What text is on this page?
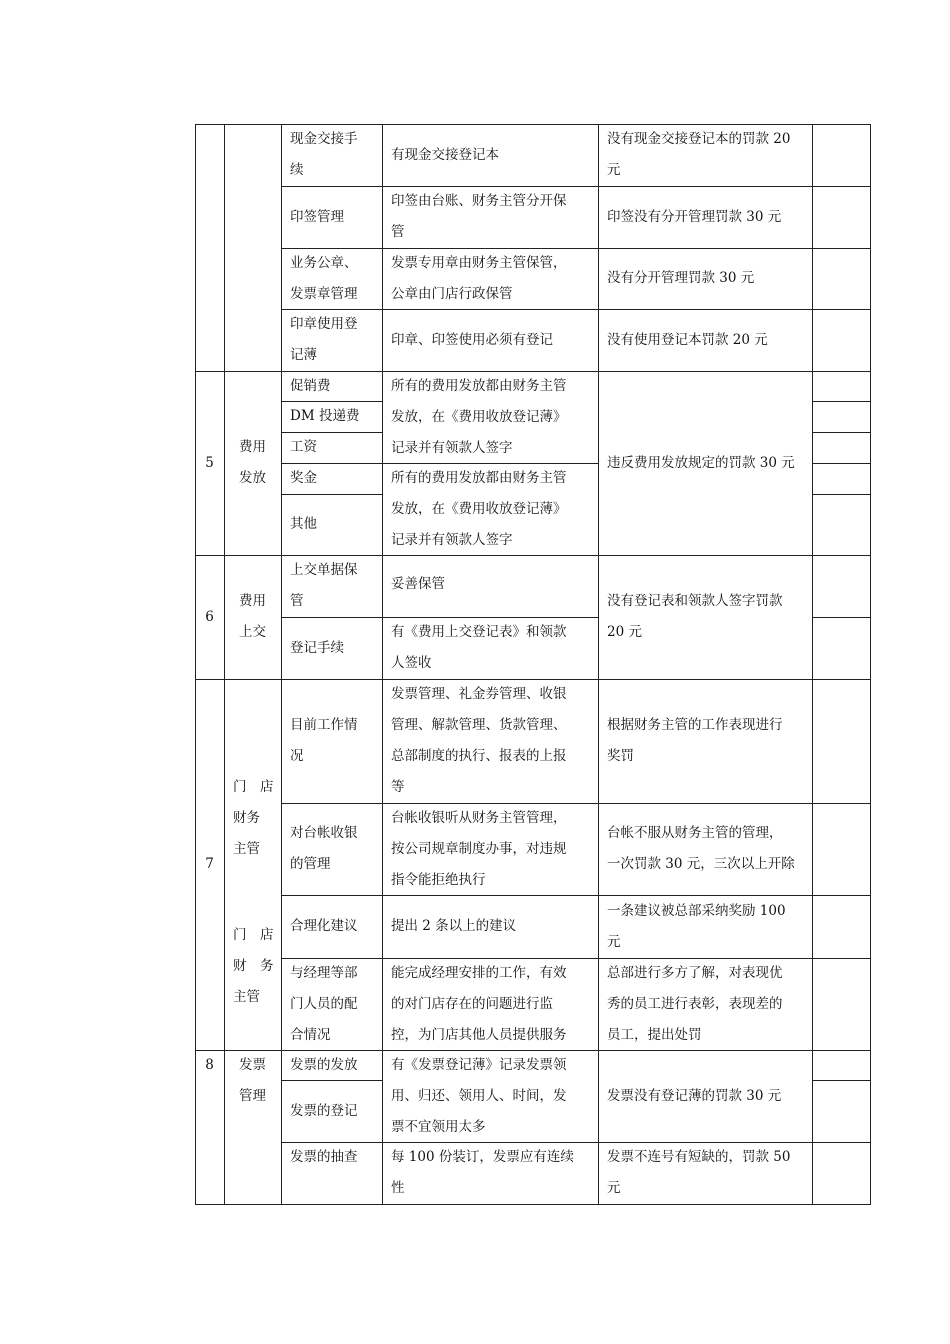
现金交接手
续
有现金交接登记本
没有现金交接登记本的罚款 20
元
印签管理
印签由台账、财务主管分开保
管
印签没有分开管理罚款 30 元
业务公章、
发票章管理
发票专用章由财务主管保管，
公章由门店行政保管
没有分开管理罚款 30 元
印章使用登
记薄
印章、印签使用必须有登记	没有使用登记本罚款 20 元
5
费用
发放
促销费
DM 投递费
工资
奖金
其他
所有的费用发放都由财务主管
发放，在《费用收放登记薄》
记录并有领款人签字
所有的费用发放都由财务主管
发放，在《费用收放登记薄》
记录并有领款人签字
违反费用发放规定的罚款 30 元
6
费用
上交
上交单据保
管
登记手续
妥善保管
有《费用上交登记表》和领款
人签收
没有登记表和领款人签字罚款
20 元
7
门　店
财务
主管
门　店
财　务
主管
目前工作情
况
对台帐收银
的管理
合理化建议
与经理等部
门人员的配
合情况
发票管理、礼金券管理、收银
管理、解款管理、货款管理、
总部制度的执行、报表的上报
等
台帐收银听从财务主管管理，
按公司规章制度办事，对违规
指令能拒绝执行
提出 2 条以上的建议
能完成经理安排的工作，有效
的对门店存在的问题进行监
控，为门店其他人员提供服务
根据财务主管的工作表现进行
奖罚
台帐不服从财务主管的管理，
一次罚款 30 元，三次以上开除
一条建议被总部采纳奖励 100
元
总部进行多方了解，对表现优
秀的员工进行表彰，表现差的
员工，提出处罚
8 发票
管理
发票的发放
发票的登记
发票的抽查
有《发票登记薄》记录发票领
用、归还、领用人、时间，发
票不宜领用太多
每 100 份装订，发票应有连续
性
发票没有登记薄的罚款 30 元
发票不连号有短缺的，罚款 50
元
